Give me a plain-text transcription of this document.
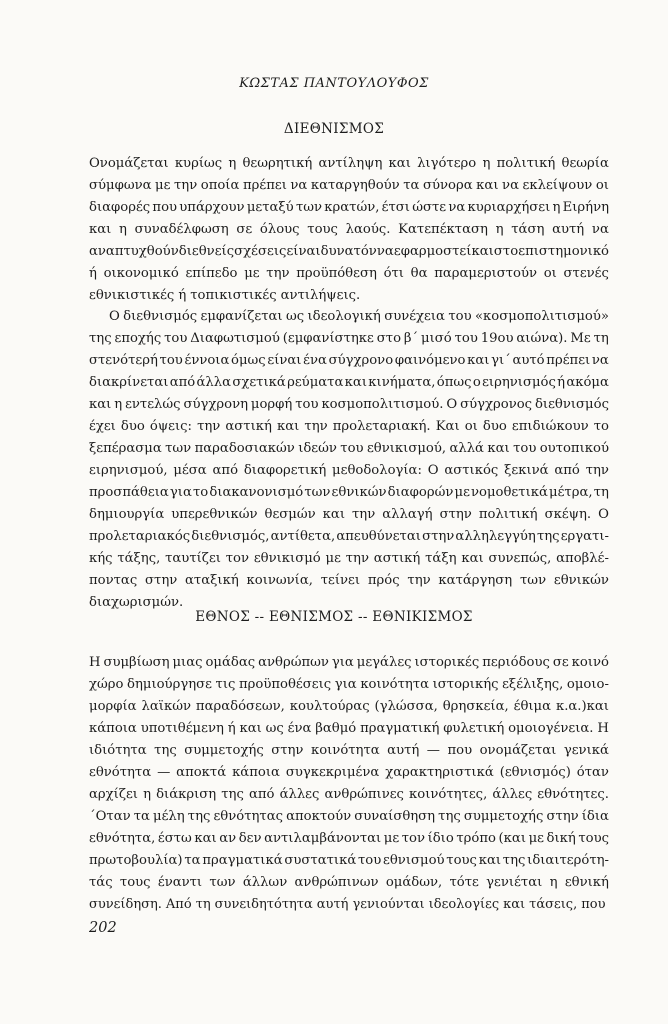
ΚΩΣΤΑΣ ΠΑΝΤΟΥΛΟΥΦΟΣ
ΔΙΕΘΝΙΣΜΟΣ
Ονομάζεται κυρίως η θεωρητική αντίληψη και λιγότερο η πολιτική θεωρία
σύμφωνα με την οποία πρέπει να καταργηθούν τα σύνορα και να εκλείψουν οι
διαφορές που υπάρχουν μεταξύ των κρατών, έτσι ώστε να κυριαρχήσει η Ειρήνη
και η συναδέλφωση σε όλους τους λαούς. Κατεπέκταση η τάση αυτή να
αναπτυχθούν διεθνείς σχέσεις είναι δυνατόν να εφαρμοστεί και στο επιστημονικό
ή οικονομικό επίπεδο με την προϋπόθεση ότι θα παραμεριστούν οι στενές
εθνικιστικές ή τοπικιστικές αντιλήψεις.
Ο διεθνισμός εμφανίζεται ως ιδεολογική συνέχεια του «κοσμοπολιτισμού»
της εποχής του Διαφωτισμού (εμφανίστηκε στο β΄ μισό του 19ου αιώνα). Με τη
στενότερή του έννοια όμως είναι ένα σύγχρονο φαινόμενο και γι΄ αυτό πρέπει να
διακρίνεται από άλλα σχετικά ρεύματα και κινήματα, όπως ο ειρηνισμός ή ακόμα
και η εντελώς σύγχρονη μορφή του κοσμοπολιτισμού. Ο σύγχρονος διεθνισμός
έχει δυο όψεις: την αστική και την προλεταριακή. Και οι δυο επιδιώκουν το
ξεπέρασμα των παραδοσιακών ιδεών του εθνικισμού, αλλά και του ουτοπικού
ειρηνισμού, μέσα από διαφορετική μεθοδολογία: Ο αστικός ξεκινά από την
προσπάθεια για το διακανονισμό των εθνικών διαφορών με νομοθετικά μέτρα, τη
δημιουργία υπερεθνικών θεσμών και την αλλαγή στην πολιτική σκέψη. Ο
προλεταριακός διεθνισμός, αντίθετα, απευθύνεται στην αλληλεγγύη της εργατι-
κής τάξης, ταυτίζει τον εθνικισμό με την αστική τάξη και συνεπώς, αποβλέ-
ποντας στην αταξική κοινωνία, τείνει πρός την κατάργηση των εθνικών
διαχωρισμών.
ΕΘΝΟΣ -- ΕΘΝΙΣΜΟΣ -- ΕΘΝΙΚΙΣΜΟΣ
Η συμβίωση μιας ομάδας ανθρώπων για μεγάλες ιστορικές περιόδους σε κοινό
χώρο δημιούργησε τις προϋποθέσεις για κοινότητα ιστορικής εξέλιξης, ομοιο-
μορφία λαϊκών παραδόσεων, κουλτούρας (γλώσσα, θρησκεία, έθιμα κ.α.)και
κάποια υποτιθέμενη ή και ως ένα βαθμό πραγματική φυλετική ομοιογένεια. Η
ιδιότητα της συμμετοχής στην κοινότητα αυτή — που ονομάζεται γενικά
εθνότητα — αποκτά κάποια συγκεκριμένα χαρακτηριστικά (εθνισμός) όταν
αρχίζει η διάκριση της από άλλες ανθρώπινες κοινότητες, άλλες εθνότητες.
΄Οταν τα μέλη της εθνότητας αποκτούν συναίσθηση της συμμετοχής στην ίδια
εθνότητα, έστω και αν δεν αντιλαμβάνονται με τον ίδιο τρόπο (και με δική τους
πρωτοβουλία) τα πραγματικά συστατικά του εθνισμού τους και της ιδιαιτερότη-
τάς τους έναντι των άλλων ανθρώπινων ομάδων, τότε γενιέται η εθνική
συνείδηση. Από τη συνειδητότητα αυτή γενιούνται ιδεολογίες και τάσεις, που
202
